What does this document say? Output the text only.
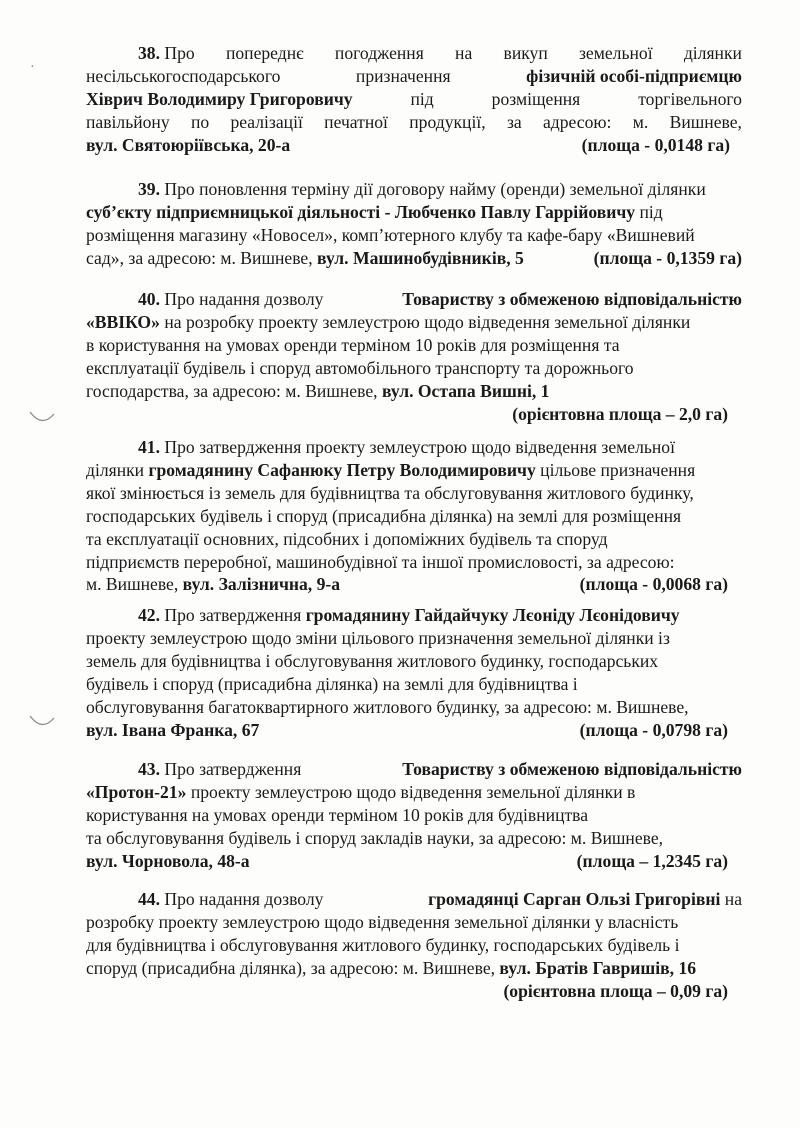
·
38. Про попереднє погодження на викуп земельної ділянки
несільськогосподарського	призначення	фізичній особі-підприємцю
Хіврич Володимиру Григоровичу	під	розміщення	торгівельного
павільйону по реалізації печатної продукції, за адресою: м. Вишневе,
вул. Святоюріївська, 20-а	(площа - 0,0148 га)
39. Про поновлення терміну дії договору найму (оренди) земельної ділянки
суб’єкту підприємницької діяльності - Любченко Павлу Гаррійовичу під
розміщення магазину «Новосел», комп’ютерного клубу та кафе-бару «Вишневий
сад», за адресою: м. Вишневе, вул. Машинобудівників, 5	(площа - 0,1359 га)
40. Про надання дозволу	Товариству з обмеженою відповідальністю
«ВВІКО» на розробку проекту землеустрою щодо відведення земельної ділянки
в користування на умовах оренди терміном 10 років для розміщення та
експлуатації будівель і споруд автомобільного транспорту та дорожнього
господарства, за адресою: м. Вишневе, вул. Остапа Вишні, 1
(орієнтовна площа – 2,0 га)
41. Про затвердження проекту землеустрою щодо відведення земельної
ділянки громадянину Сафанюку Петру Володимировичу цільове призначення
якої змінюється із земель для будівництва та обслуговування житлового будинку,
господарських будівель і споруд (присадибна ділянка) на землі для розміщення
та експлуатації основних, підсобних і допоміжних будівель та споруд
підприємств переробної, машинобудівної та іншої промисловості, за адресою:
м. Вишневе, вул. Залізнична, 9-а	(площа - 0,0068 га)
42. Про затвердження громадянину Гайдайчуку Лєоніду Лєонідовичу
проекту землеустрою щодо зміни цільового призначення земельної ділянки із
земель для будівництва і обслуговування житлового будинку, господарських
будівель і споруд (присадибна ділянка) на землі для будівництва і
обслуговування багатоквартирного житлового будинку, за адресою: м. Вишневе,
вул. Івана Франка, 67	(площа - 0,0798 га)
43. Про затвердження	Товариству з обмеженою відповідальністю
«Протон-21» проекту землеустрою щодо відведення земельної ділянки в
користування на умовах оренди терміном 10 років для будівництва
та обслуговування будівель і споруд закладів науки, за адресою: м. Вишневе,
вул. Чорновола, 48-а	(площа – 1,2345 га)
44. Про надання дозволу	громадянці Сарган Ользі Григорівні на
розробку проекту землеустрою щодо відведення земельної ділянки у власність
для будівництва і обслуговування житлового будинку, господарських будівель і
споруд (присадибна ділянка), за адресою: м. Вишневе, вул. Братів Гавришів, 16
(орієнтовна площа – 0,09 га)
